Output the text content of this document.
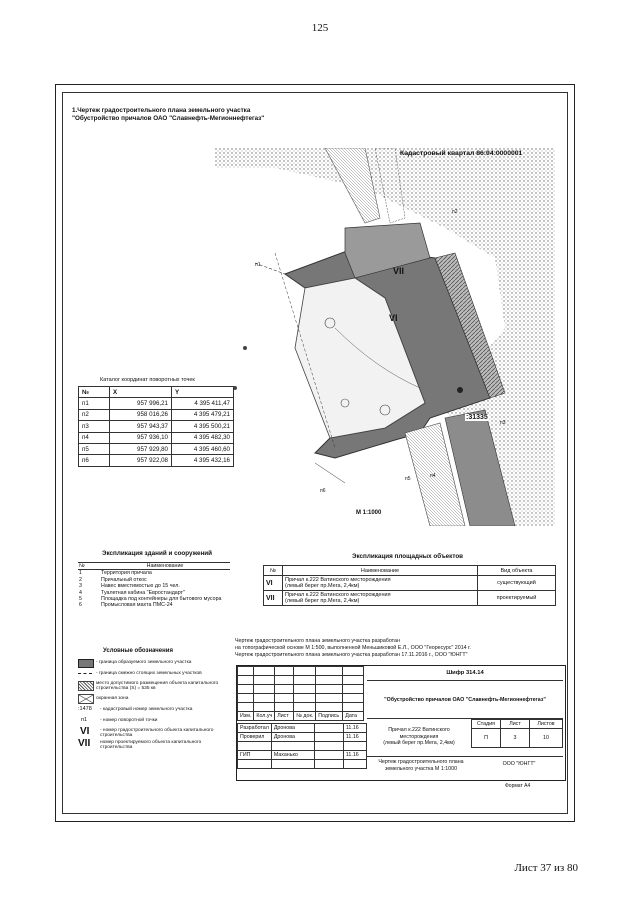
125
1.Чертеж градостроительного плана земельного участка
"Обустройство причалов ОАО "Славнефть-Мегионнефтегаз"
VII
VI
п1
п2
п3
п4
п5
п6
:31335
Кадастровый квартал 86:04:0000001
М 1:1000
Каталог координат поворотных точек
№	X	Y
п1	957 996,21	4 395 411,47
п2	958 016,26	4 395 479,21
п3	957 943,37	4 395 500,21
п4	957 936,10	4 395 482,30
п5	957 929,80	4 395 460,60
п6	957 922,08	4 395 432,16
Экспликация зданий и сооружений
№	Наименование
1	Территория причала
2	Причальный откос
3	Навес вместимостью до 15 чел.
4	Туалетная кабина "Евростандарт"
5	Площадка под контейнеры для бытового мусора
6	Промысловая махта ПМС-24
Экспликация площадных объектов
№	Наименование	Вид объекта
VI	Причал к.222 Ватинского месторождения
(левый берег пр.Мега, 2,4км)	существующий
VII	Причал к.222 Ватинского месторождения
(левый берег пр.Мега, 2,4км)	проектируемый
Чертеж градостроительного плана земельного участка разработан
на топографической основе М 1:500, выполненной Меньшиковой Е.Л., ООО "Георесурс" 2014 г.
Чертеж градостроительного плана земельного участка разработан 17.11.2016 г., ООО "ЮНГТ"
Условные обозначения
- граница образуемого земельного участка
- граница смежно стоящих земельных участков
место допустимого размещения объекта капитального строительства (S) = 535 кв
охранная зона
:1478 - кадастровый номер земельного участка
п1	- номер поворотной точки
VI - номер градостроительного объекта капитального строительства
VII номер проектируемого объекта капитального строительства

Изм.	Кол.уч	Лист	№ док.	Подпись	Дата
Разработал	Дронова		11.16
Проверил	Дронова		11.16

ГИП	Маханько		11.16

Шифр 314.14
"Обустройство причалов ОАО "Славнефть-Мегионнефтегаз"
Причал к.222 Ватинского
месторождения
(левый берег пр.Мега, 2,4км)
Стадия	Лист	Листов
П	3	10
Чертеж градостроительного плана
земельного участка М 1:1000
ООО "ЮНГТ"
Формат А4
Лист 37 из 80
